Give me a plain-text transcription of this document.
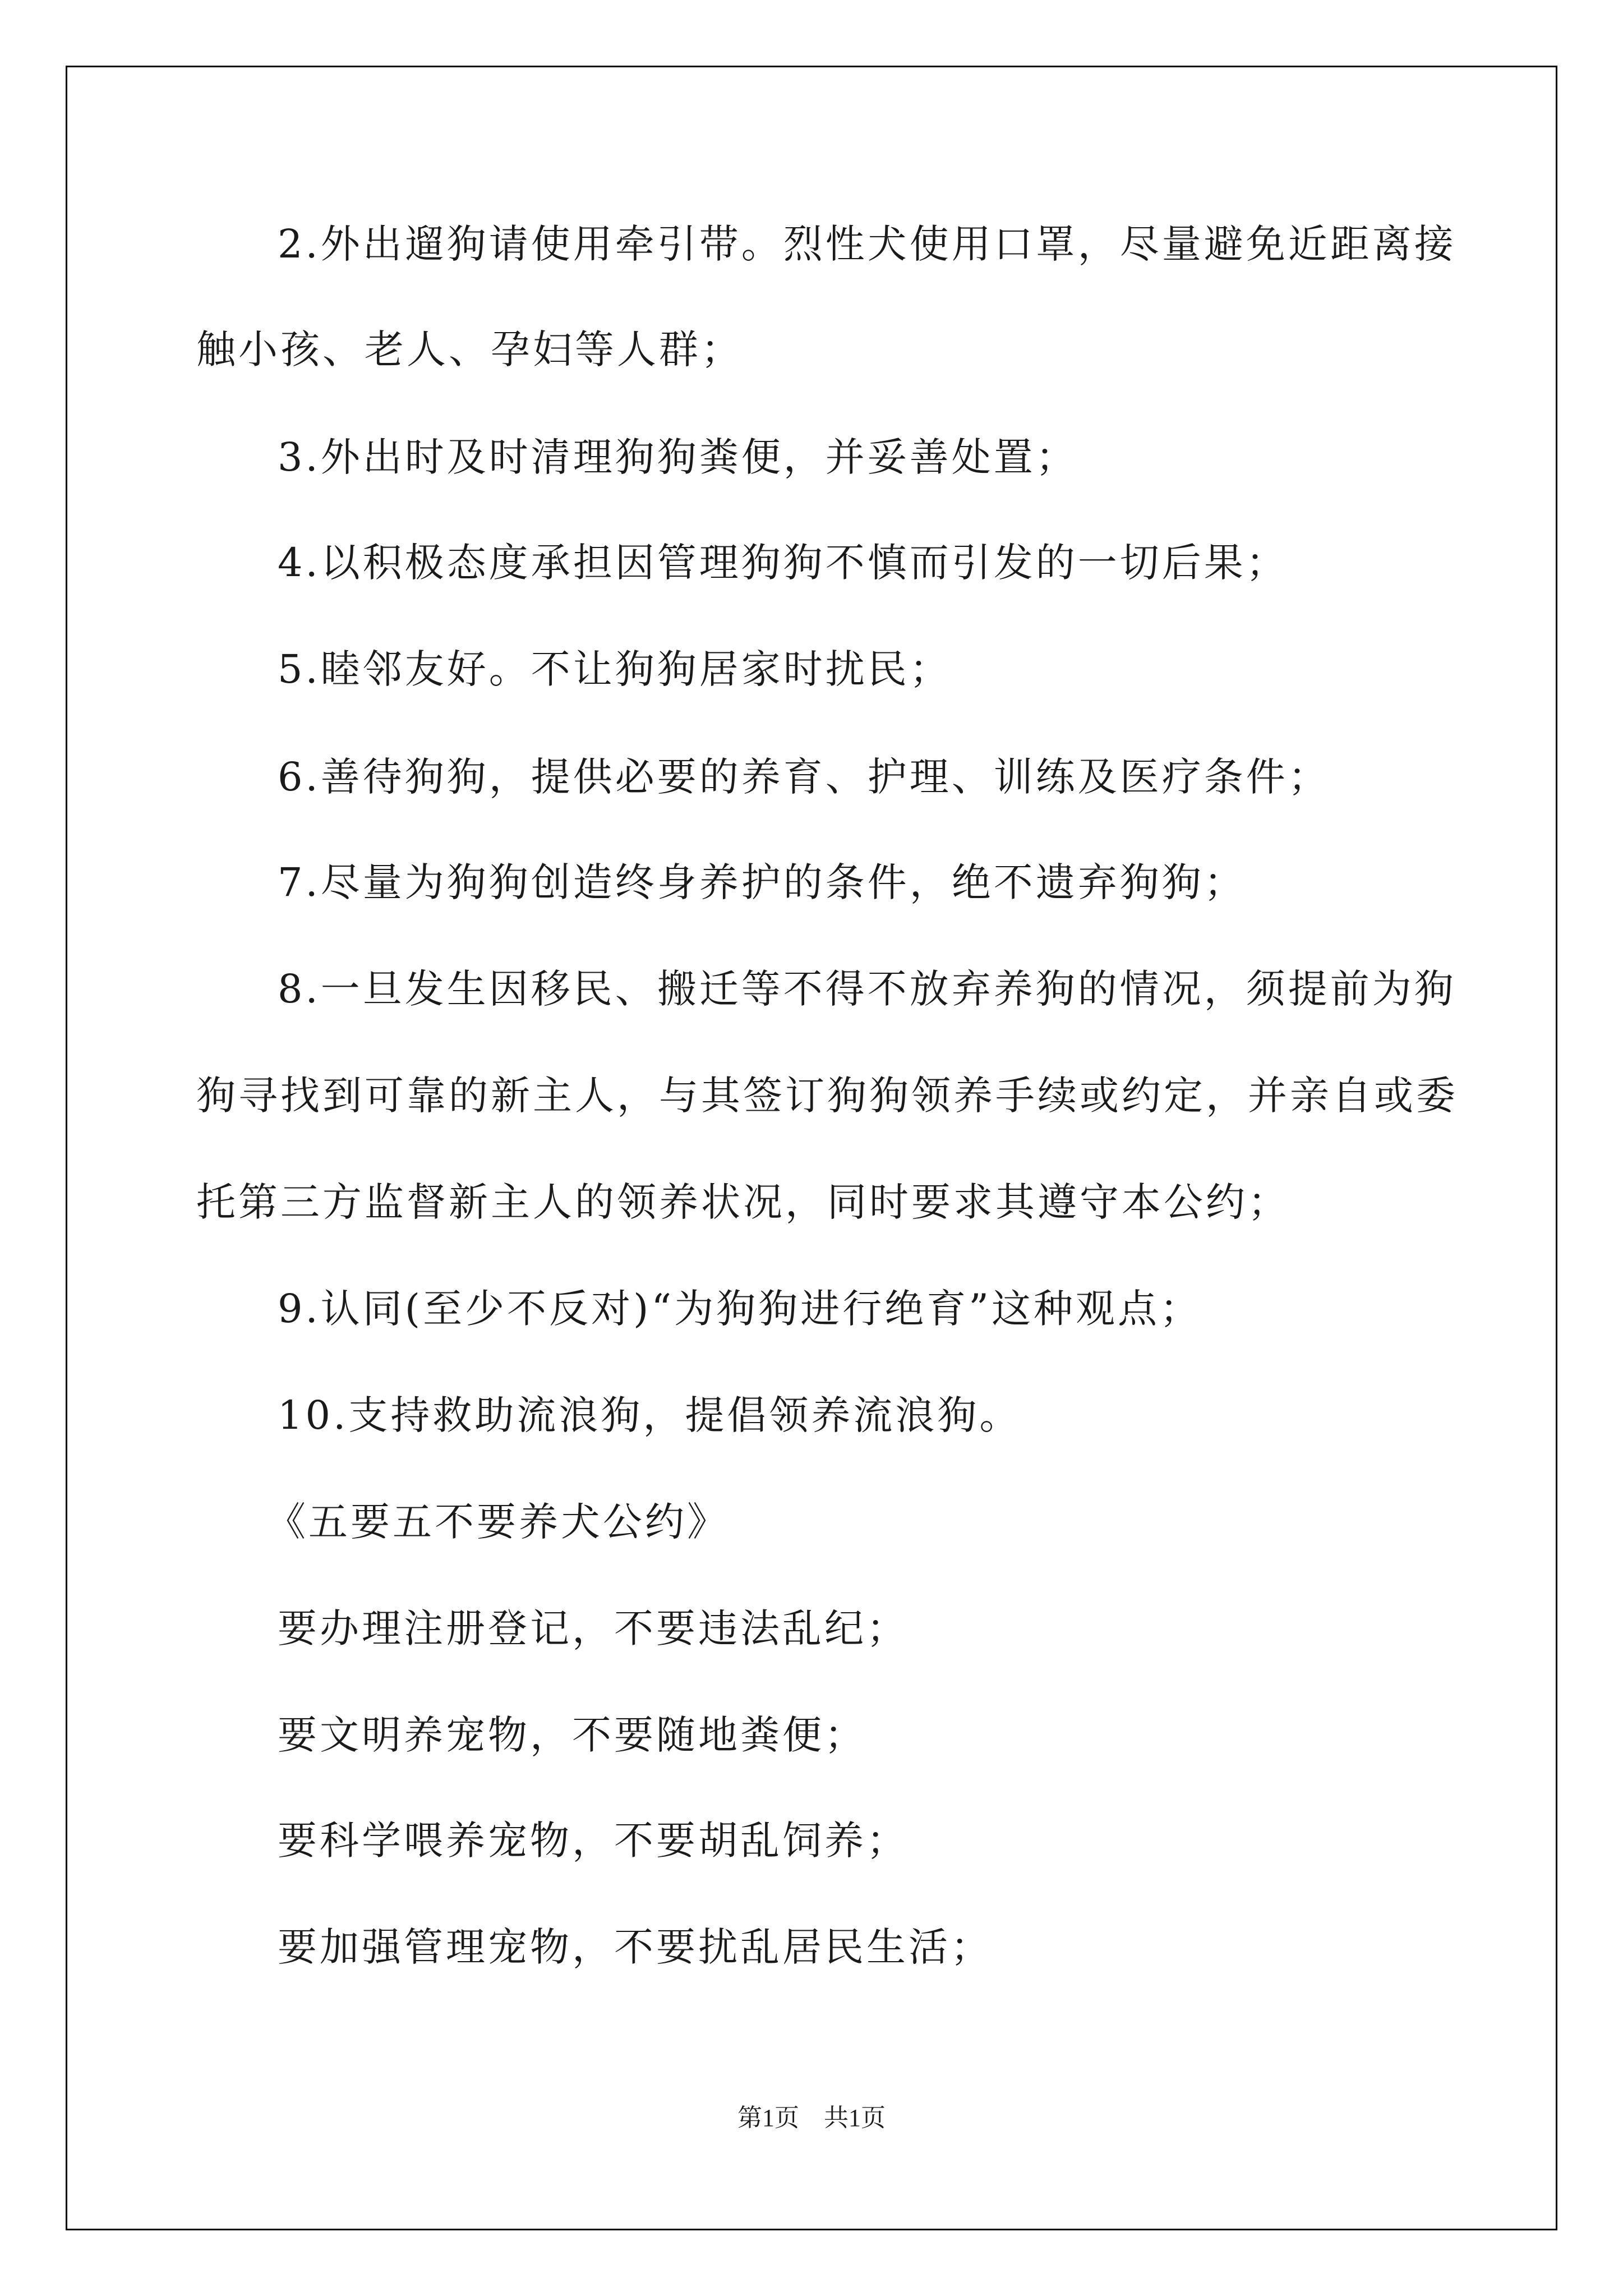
2.外出遛狗请使用牵引带。烈性犬使用口罩，尽量避免近距离接
触小孩、老人、孕妇等人群；
3.外出时及时清理狗狗粪便，并妥善处置；
4.以积极态度承担因管理狗狗不慎而引发的一切后果；
5.睦邻友好。不让狗狗居家时扰民；
6.善待狗狗，提供必要的养育、护理、训练及医疗条件；
7.尽量为狗狗创造终身养护的条件，绝不遗弃狗狗；
8.一旦发生因移民、搬迁等不得不放弃养狗的情况，须提前为狗
狗寻找到可靠的新主人，与其签订狗狗领养手续或约定，并亲自或委
托第三方监督新主人的领养状况，同时要求其遵守本公约；
9.认同(至少不反对)“为狗狗进行绝育”这种观点；
10.支持救助流浪狗，提倡领养流浪狗。
《五要五不要养犬公约》
要办理注册登记，不要违法乱纪；
要文明养宠物，不要随地粪便；
要科学喂养宠物，不要胡乱饲养；
要加强管理宠物，不要扰乱居民生活；
第1页　共1页
